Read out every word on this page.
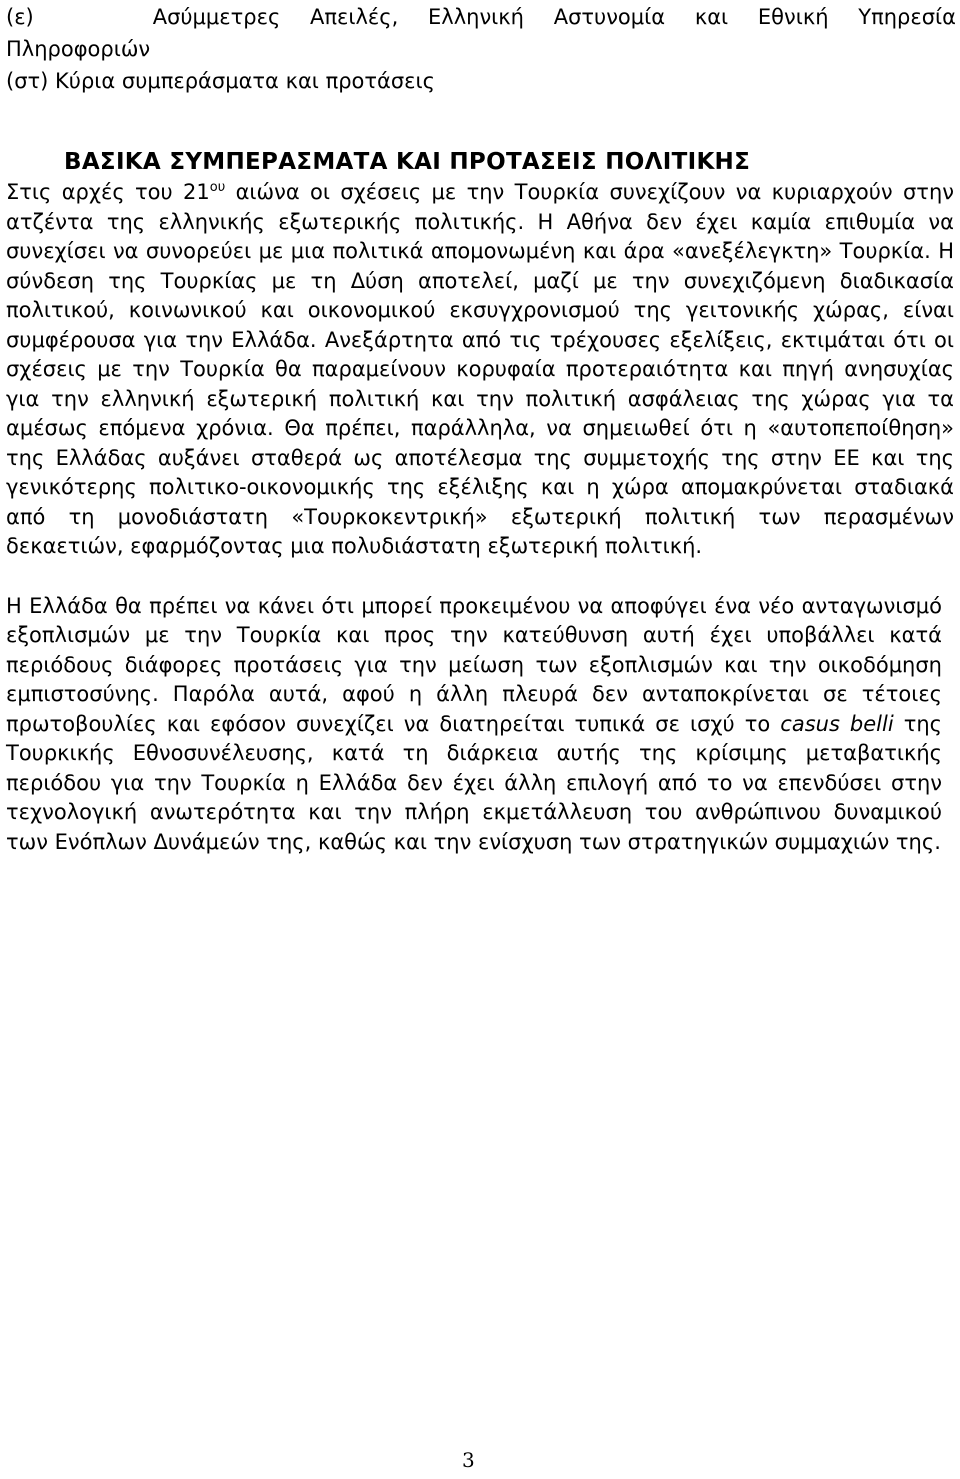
(ε)	Ασύμμετρες Απειλές, Ελληνική Αστυνομία και Εθνική Υπηρεσία

Πληροφοριών

(στ) Κύρια συμπεράσματα και προτάσεις

ΒΑΣΙΚΑ ΣΥΜΠΕΡΑΣΜΑΤΑ ΚΑΙ ΠΡΟΤΑΣΕΙΣ ΠΟΛΙΤΙΚΗΣ

Στις αρχές του $21^{o\upsilon}$ αιώνα οι σχέσεις με την Τουρκία συνεχίζουν να κυριαρχούν στην ατζέντα της ελληνικής εξωτερικής πολιτικής. Η Αθήνα δεν έχει καμία επιθυμία να συνεχίσει να συνορεύει με μια πολιτικά απομονωμένη και άρα «ανεξέλεγκτη» Τουρκία. Η σύνδεση της Τουρκίας με τη Δύση αποτελεί, μαζί με την συνεχιζόμενη διαδικασία πολιτικού, κοινωνικού και οικονομικού εκσυγχρονισμού της γειτονικής χώρας, είναι συμφέρουσα για την Ελλάδα. Ανεξάρτητα από τις τρέχουσες εξελίξεις, εκτιμάται ότι οι σχέσεις με την Τουρκία θα παραμείνουν κορυφαία προτεραιότητα και πηγή ανησυχίας για την ελληνική εξωτερική πολιτική και την πολιτική ασφάλειας της χώρας για τα αμέσως επόμενα χρόνια. Θα πρέπει, παράλληλα, να σημειωθεί ότι η «αυτοπεποίθηση» της Ελλάδας αυξάνει σταθερά ως αποτέλεσμα της συμμετοχής της στην ΕΕ και της γενικότερης πολιτικο-οικονομικής της εξέλιξης και η χώρα απομακρύνεται σταδιακά από τη μονοδιάστατη «Τουρκοκεντρική» εξωτερική πολιτική των περασμένων δεκαετιών, εφαρμόζοντας μια πολυδιάστατη εξωτερική πολιτική.

Η Ελλάδα θα πρέπει να κάνει ότι μπορεί προκειμένου να αποφύγει ένα νέο ανταγωνισμό εξοπλισμών με την Τουρκία και προς την κατεύθυνση αυτή έχει υποβάλλει κατά περιόδους διάφορες προτάσεις για την μείωση των εξοπλισμών και την οικοδόμηση εμπιστοσύνης. Παρόλα αυτά, αφού η άλλη πλευρά δεν ανταποκρίνεται σε τέτοιες πρωτοβουλίες και εφόσον συνεχίζει να διατηρείται τυπικά σε ισχύ το casus belli της Τουρκικής Εθνοσυνέλευσης, κατά τη διάρκεια αυτής της κρίσιμης μεταβατικής περιόδου για την Τουρκία η Ελλάδα δεν έχει άλλη επιλογή από το να επενδύσει στην τεχνολογική ανωτερότητα και την πλήρη εκμετάλλευση του ανθρώπινου δυναμικού των Ενόπλων Δυνάμεών της, καθώς και την ενίσχυση των στρατηγικών συμμαχιών της.

3
